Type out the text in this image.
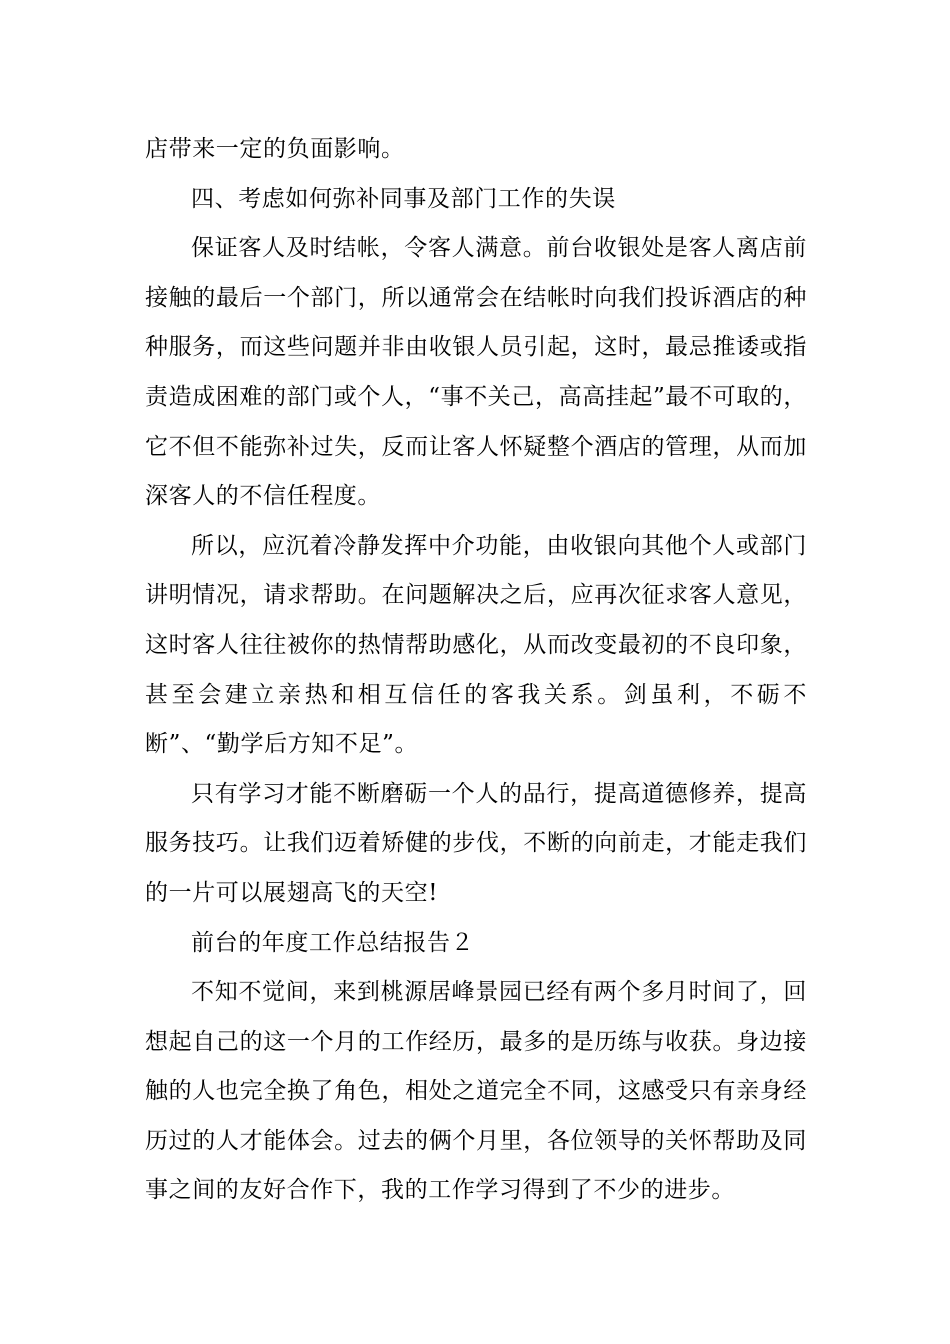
店带来一定的负面影响。

四、考虑如何弥补同事及部门工作的失误

保证客人及时结帐，令客人满意。前台收银处是客人离店前接触的最后一个部门，所以通常会在结帐时向我们投诉酒店的种种服务，而这些问题并非由收银人员引起，这时，最忌推诿或指责造成困难的部门或个人，“事不关己，高高挂起”最不可取的，它不但不能弥补过失，反而让客人怀疑整个酒店的管理，从而加深客人的不信任程度。

所以，应沉着冷静发挥中介功能，由收银向其他个人或部门讲明情况，请求帮助。在问题解决之后，应再次征求客人意见，这时客人往往被你的热情帮助感化，从而改变最初的不良印象，甚至会建立亲热和相互信任的客我关系。剑虽利，不砺不断”、“勤学后方知不足”。

只有学习才能不断磨砺一个人的品行，提高道德修养，提高服务技巧。让我们迈着矫健的步伐，不断的向前走，才能走我们的一片可以展翅高飞的天空!

前台的年度工作总结报告２

不知不觉间，来到桃源居峰景园已经有两个多月时间了，回想起自己的这一个月的工作经历，最多的是历练与收获。身边接触的人也完全换了角色，相处之道完全不同，这感受只有亲身经历过的人才能体会。过去的俩个月里，各位领导的关怀帮助及同事之间的友好合作下，我的工作学习得到了不少的进步。
